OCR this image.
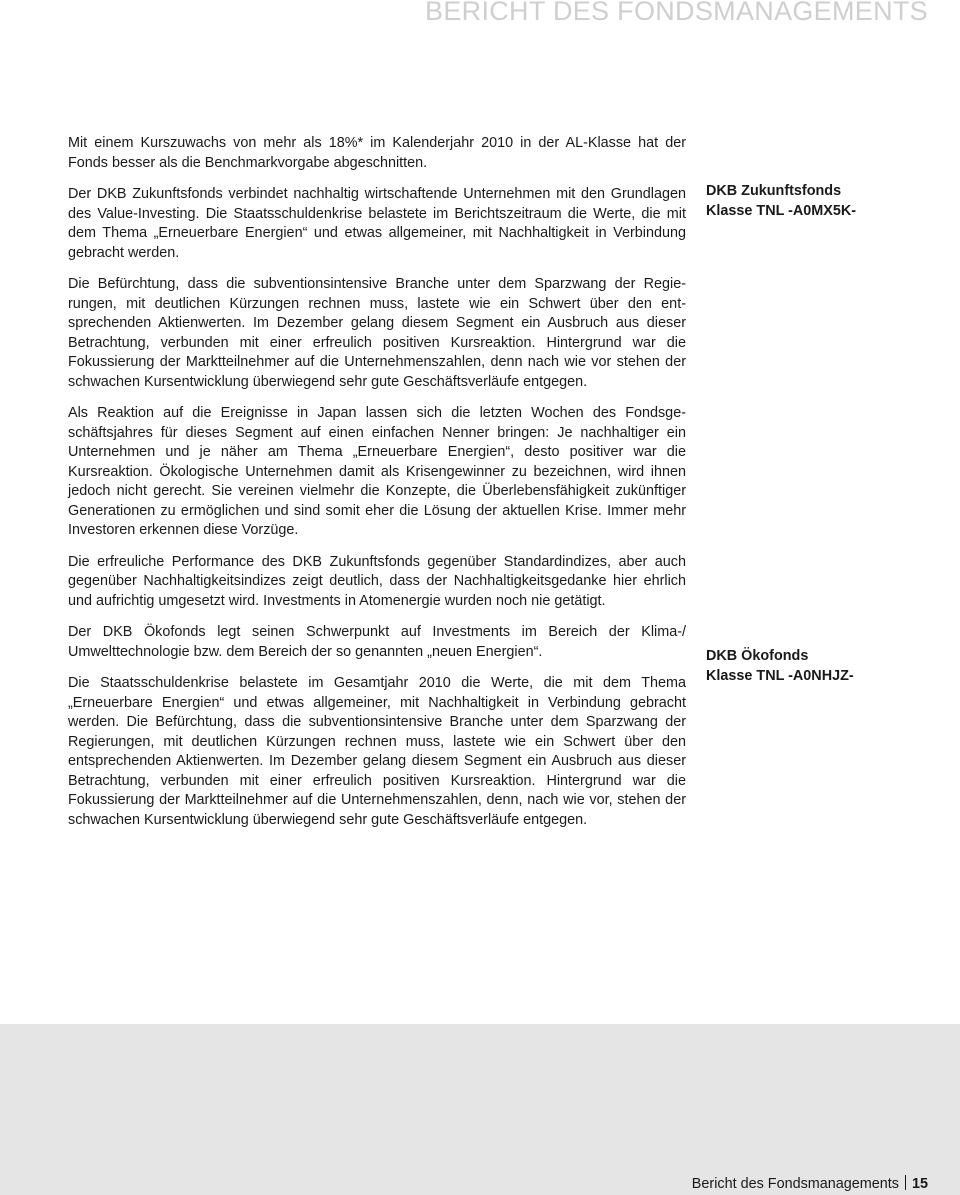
BERICHT DES FONDSMANAGEMENTS

Mit einem Kurszuwachs von mehr als 18%* im Kalenderjahr 2010 in der AL-Klasse hat der Fonds besser als die Benchmarkvorgabe abgeschnitten.

Der DKB Zukunftsfonds verbindet nachhaltig wirtschaftende Unternehmen mit den Grundlagen des Value-Investing. Die Staatsschuldenkrise belastete im Berichtszeitraum die Werte, die mit dem Thema „Erneuerbare Energien“ und etwas allgemeiner, mit Nachhaltigkeit in Verbindung gebracht werden.

Die Befürchtung, dass die subventionsintensive Branche unter dem Sparzwang der Regierungen, mit deutlichen Kürzungen rechnen muss, lastete wie ein Schwert über den entsprechenden Aktienwerten. Im Dezember gelang diesem Segment ein Ausbruch aus dieser Betrachtung, verbunden mit einer erfreulich positiven Kursreaktion. Hintergrund war die Fokussierung der Marktteilnehmer auf die Unternehmenszahlen, denn nach wie vor stehen der schwachen Kursentwicklung überwiegend sehr gute Geschäftsverläufe entgegen.

Als Reaktion auf die Ereignisse in Japan lassen sich die letzten Wochen des Fondsgeschäftsjahres für dieses Segment auf einen einfachen Nenner bringen: Je nachhaltiger ein Unternehmen und je näher am Thema „Erneuerbare Energien“, desto positiver war die Kursreaktion. Ökologische Unternehmen damit als Krisengewinner zu bezeichnen, wird ihnen jedoch nicht gerecht. Sie vereinen vielmehr die Konzepte, die Überlebensfähigkeit zukünftiger Generationen zu ermöglichen und sind somit eher die Lösung der aktuellen Krise. Immer mehr Investoren erkennen diese Vorzüge.

Die erfreuliche Performance des DKB Zukunftsfonds gegenüber Standardindizes, aber auch gegenüber Nachhaltigkeitsindizes zeigt deutlich, dass der Nachhaltigkeitsgedanke hier ehrlich und aufrichtig umgesetzt wird. Investments in Atomenergie wurden noch nie getätigt.

Der DKB Ökofonds legt seinen Schwerpunkt auf Investments im Bereich der Klima-/ Umwelttechnologie bzw. dem Bereich der so genannten „neuen Energien“.

Die Staatsschuldenkrise belastete im Gesamtjahr 2010 die Werte, die mit dem Thema „Erneuerbare Energien“ und etwas allgemeiner, mit Nachhaltigkeit in Verbindung gebracht werden. Die Befürchtung, dass die subventionsintensive Branche unter dem Sparzwang der Regierungen, mit deutlichen Kürzungen rechnen muss, lastete wie ein Schwert über den entsprechenden Aktienwerten. Im Dezember gelang diesem Segment ein Ausbruch aus dieser Betrachtung, verbunden mit einer erfreulich positiven Kursreaktion. Hintergrund war die Fokussierung der Marktteilnehmer auf die Unternehmenszahlen, denn, nach wie vor, stehen der schwachen Kursentwicklung überwiegend sehr gute Geschäftsverläufe entgegen.

DKB Zukunftsfonds
Klasse TNL -A0MX5K-
DKB Ökofonds
Klasse TNL -A0NHJZ-
Bericht des Fondsmanagements 15
